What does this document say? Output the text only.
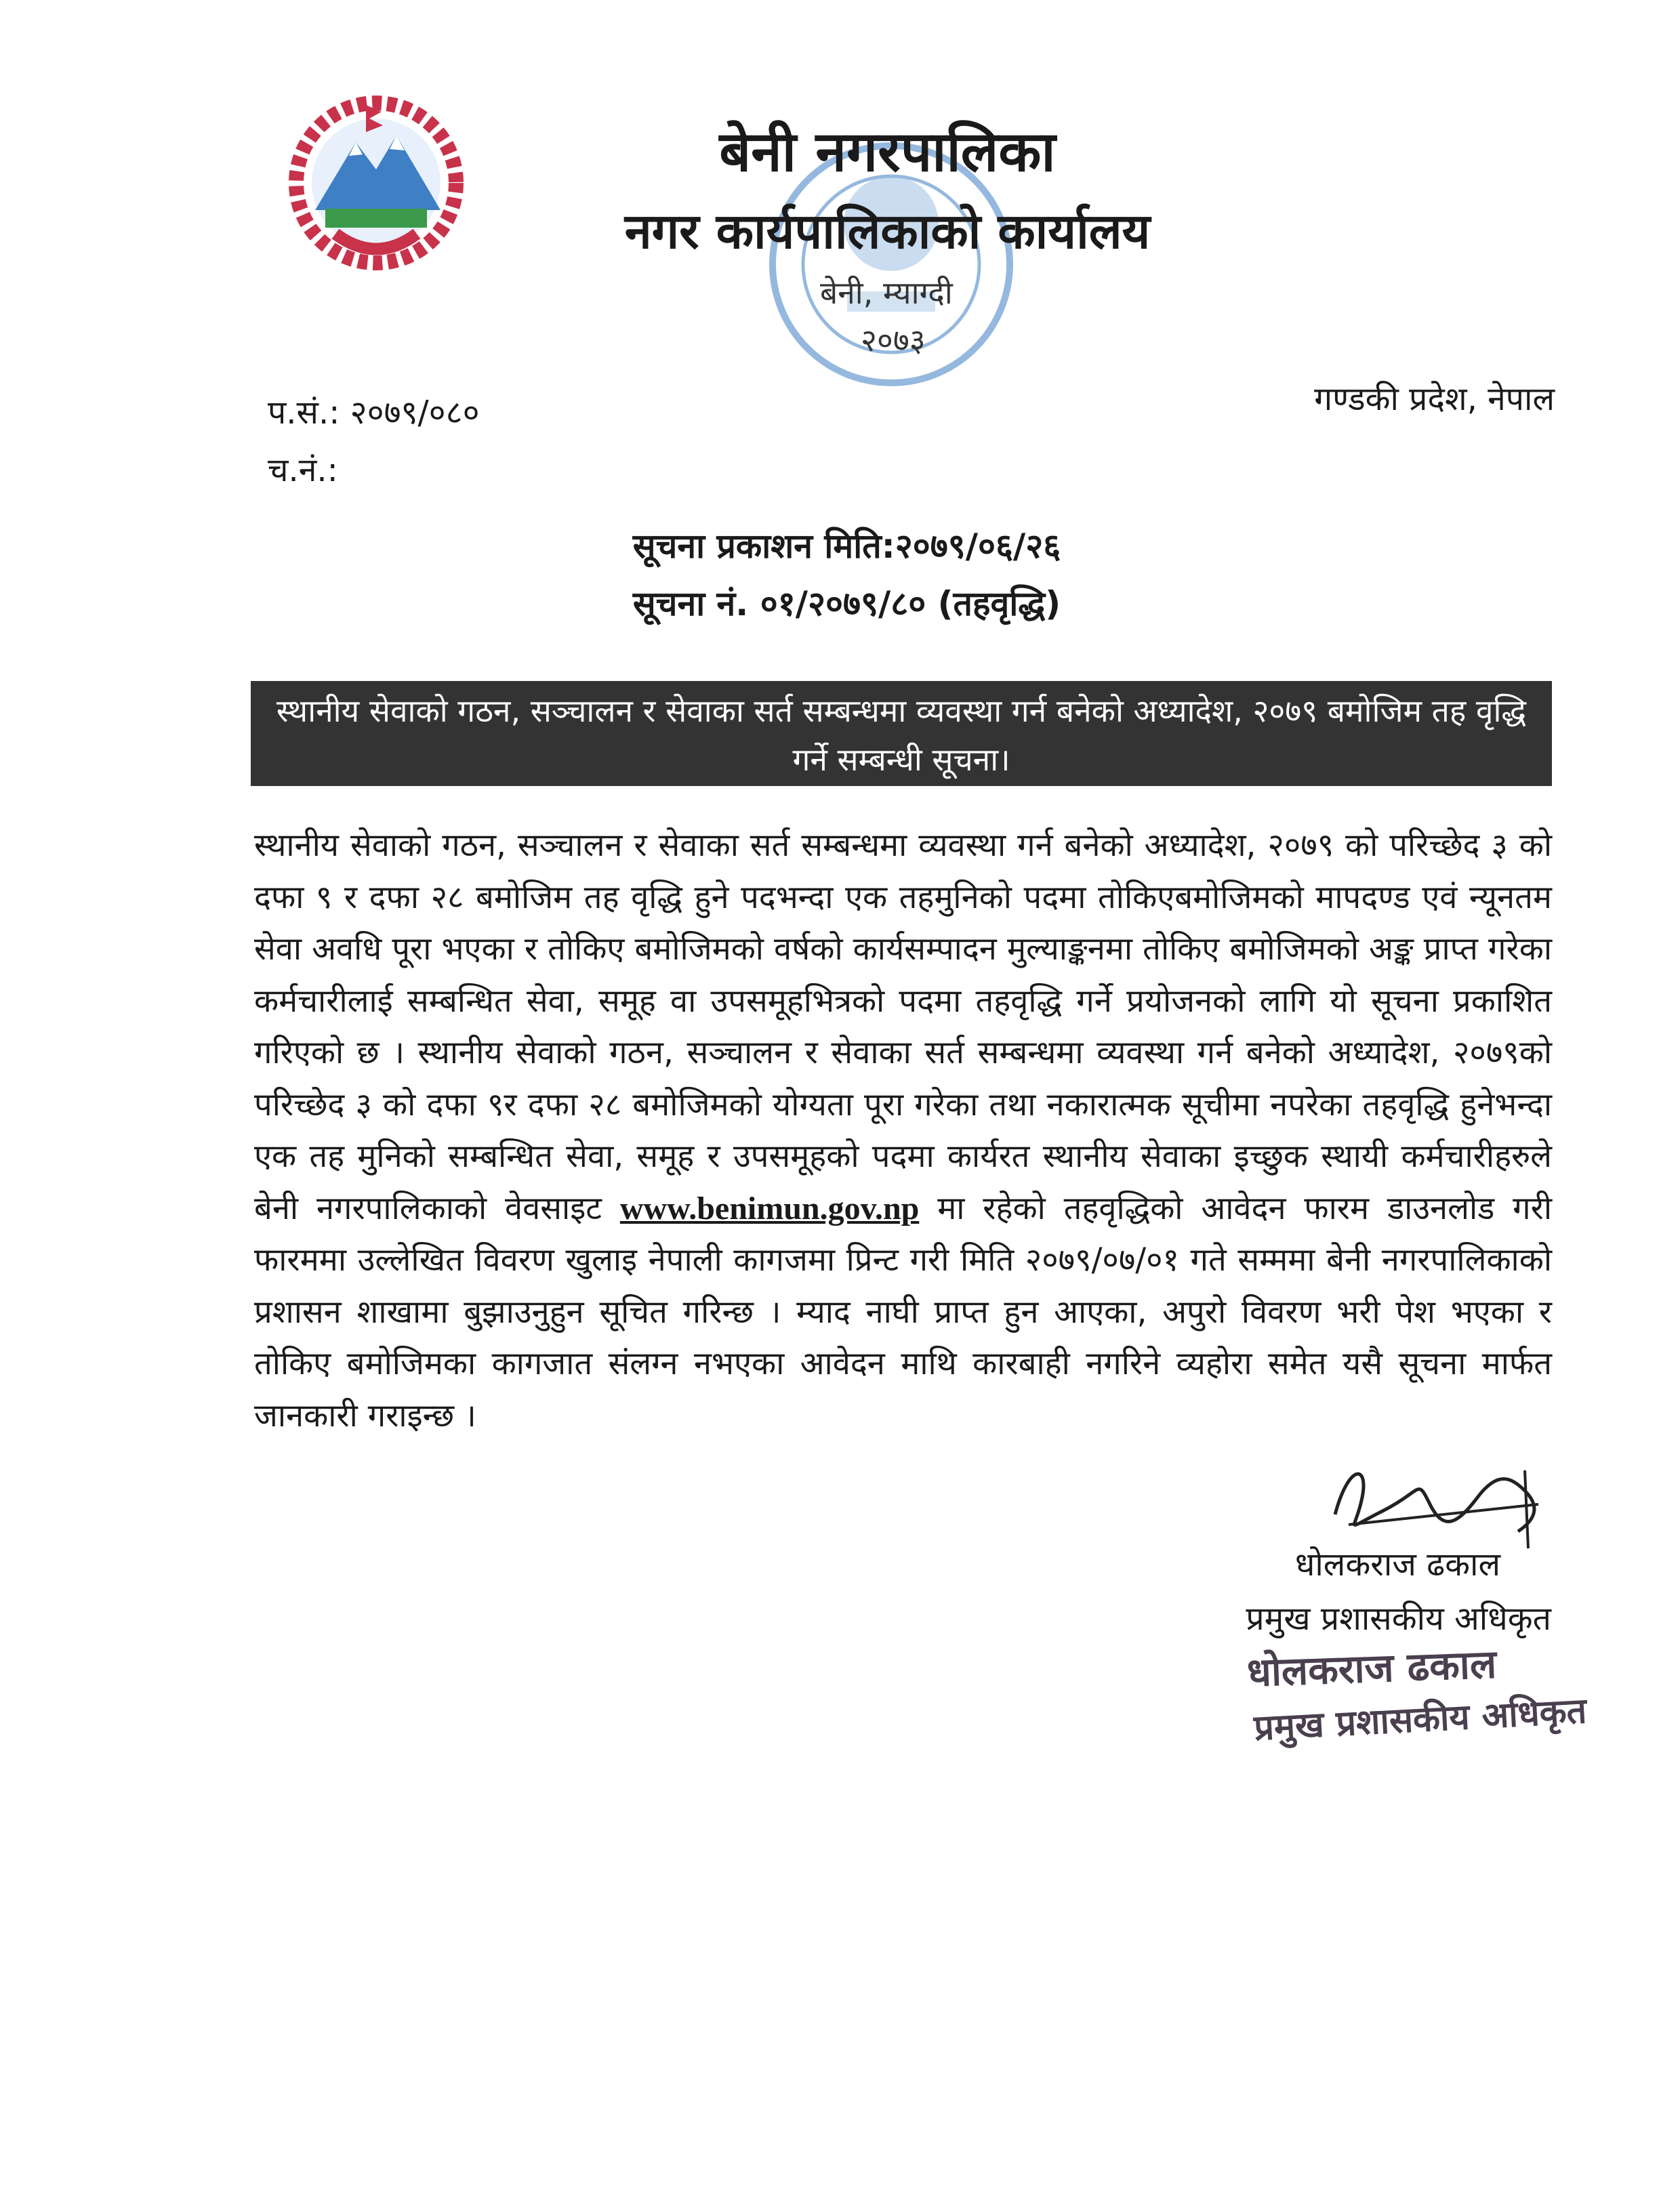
बेनी नगरपालिका
नगर कार्यपालिकाको कार्यालय
बेनी, म्याग्दी
२०७३
प.सं.: २०७९/०८०
च.नं.:
गण्डकी प्रदेश, नेपाल
सूचना प्रकाशन मिति:२०७९/०६/२६
सूचना नं. ०१/२०७९/८० (तहवृद्धि)
स्थानीय सेवाको गठन, सञ्चालन र सेवाका सर्त सम्बन्धमा व्यवस्था गर्न बनेको अध्यादेश, २०७९ बमोजिम तह वृद्धि गर्ने सम्बन्धी सूचना।
स्थानीय सेवाको गठन, सञ्चालन र सेवाका सर्त सम्बन्धमा व्यवस्था गर्न बनेको अध्यादेश, २०७९ को परिच्छेद ३ को दफा ९ र दफा २८ बमोजिम तह वृद्धि हुने पदभन्दा एक तहमुनिको पदमा तोकिएबमोजिमको मापदण्ड एवं न्यूनतम सेवा अवधि पूरा भएका र तोकिए बमोजिमको वर्षको कार्यसम्पादन मुल्याङ्कनमा तोकिए बमोजिमको अङ्क प्राप्त गरेका कर्मचारीलाई सम्बन्धित सेवा, समूह वा उपसमूहभित्रको पदमा तहवृद्धि गर्ने प्रयोजनको लागि यो सूचना प्रकाशित गरिएको छ । स्थानीय सेवाको गठन, सञ्चालन र सेवाका सर्त सम्बन्धमा व्यवस्था गर्न बनेको अध्यादेश, २०७९को परिच्छेद ३ को दफा ९र दफा २८ बमोजिमको योग्यता पूरा गरेका तथा नकारात्मक सूचीमा नपरेका तहवृद्धि हुनेभन्दा एक तह मुनिको सम्बन्धित सेवा, समूह र उपसमूहको पदमा कार्यरत स्थानीय सेवाका इच्छुक स्थायी कर्मचारीहरुले बेनी नगरपालिकाको वेवसाइट www.benimun.gov.np मा रहेको तहवृद्धिको आवेदन फारम डाउनलोड गरी फारममा उल्लेखित विवरण खुलाइ नेपाली कागजमा प्रिन्ट गरी मिति २०७९/०७/०१ गते सम्ममा बेनी नगरपालिकाको प्रशासन शाखामा बुझाउनुहुन सूचित गरिन्छ । म्याद नाघी प्राप्त हुन आएका, अपुरो विवरण भरी पेश भएका र तोकिए बमोजिमका कागजात संलग्न नभएका आवेदन माथि कारबाही नगरिने व्यहोरा समेत यसै सूचना मार्फत जानकारी गराइन्छ ।
धोलकराज ढकाल
प्रमुख प्रशासकीय अधिकृत
धोलकराज ढकाल
प्रमुख प्रशासकीय अधिकृत
